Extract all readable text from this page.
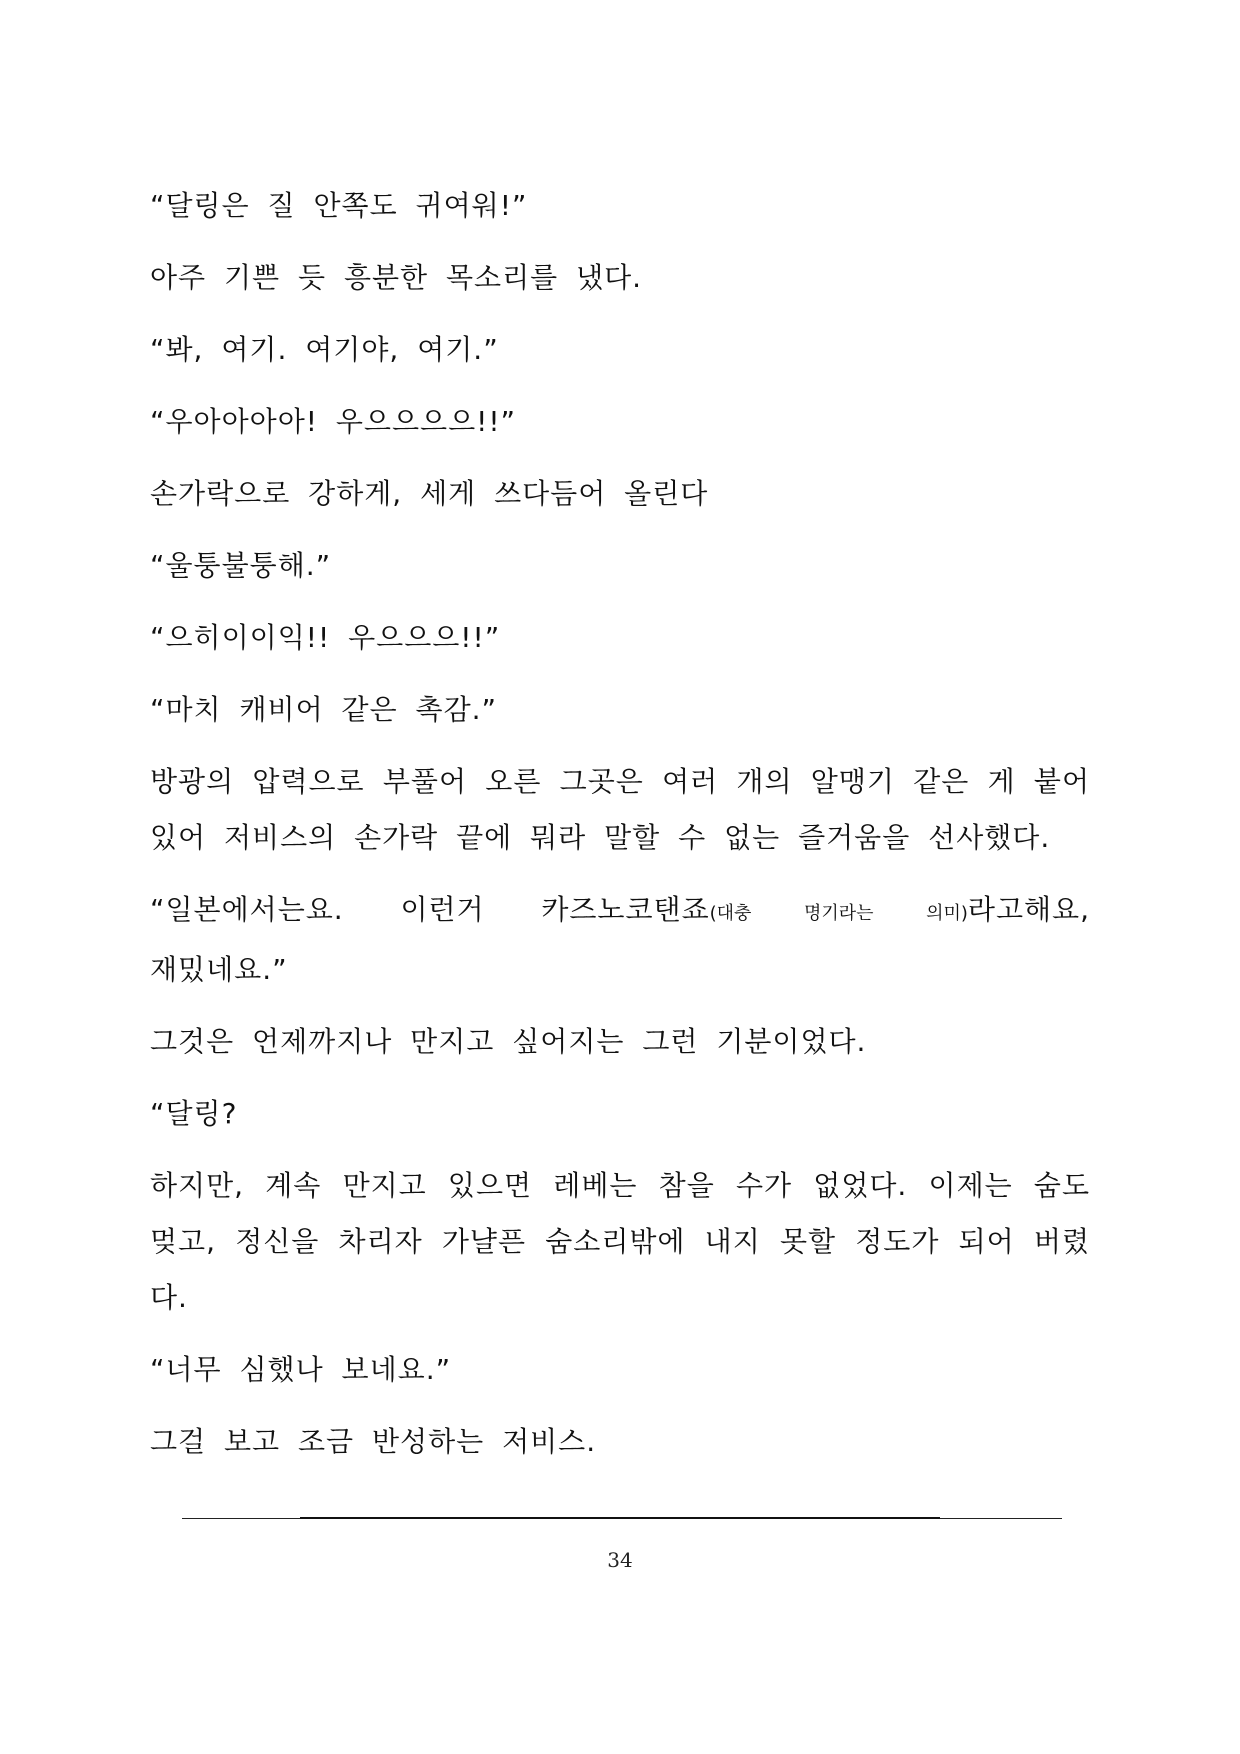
“달링은 질 안쪽도 귀여워!”

아주 기쁜 듯 흥분한 목소리를 냈다.

“봐, 여기. 여기야, 여기.”

“우아아아아! 우으으으으!!”

손가락으로 강하게, 세게 쓰다듬어 올린다

“울퉁불퉁해.”

“으히이이익!! 우으으으!!”

“마치 캐비어 같은 촉감.”

방광의 압력으로 부풀어 오른 그곳은 여러 개의 알맹기 같은 게 붙어 있어 저비스의 손가락 끝에 뭐라 말할 수 없는 즐거움을 선사했다.

“일본에서는요. 이런거 카즈노코탠죠(대충 명기라는 의미)라고해요, 재밌네요.”

그것은 언제까지나 만지고 싶어지는 그런 기분이었다.

“달링?

하지만, 계속 만지고 있으면 레베는 참을 수가 없었다. 이제는 숨도 멎고, 정신을 차리자 가냘픈 숨소리밖에 내지 못할 정도가 되어 버렸다.

“너무 심했나 보네요.”

그걸 보고 조금 반성하는 저비스.

34
